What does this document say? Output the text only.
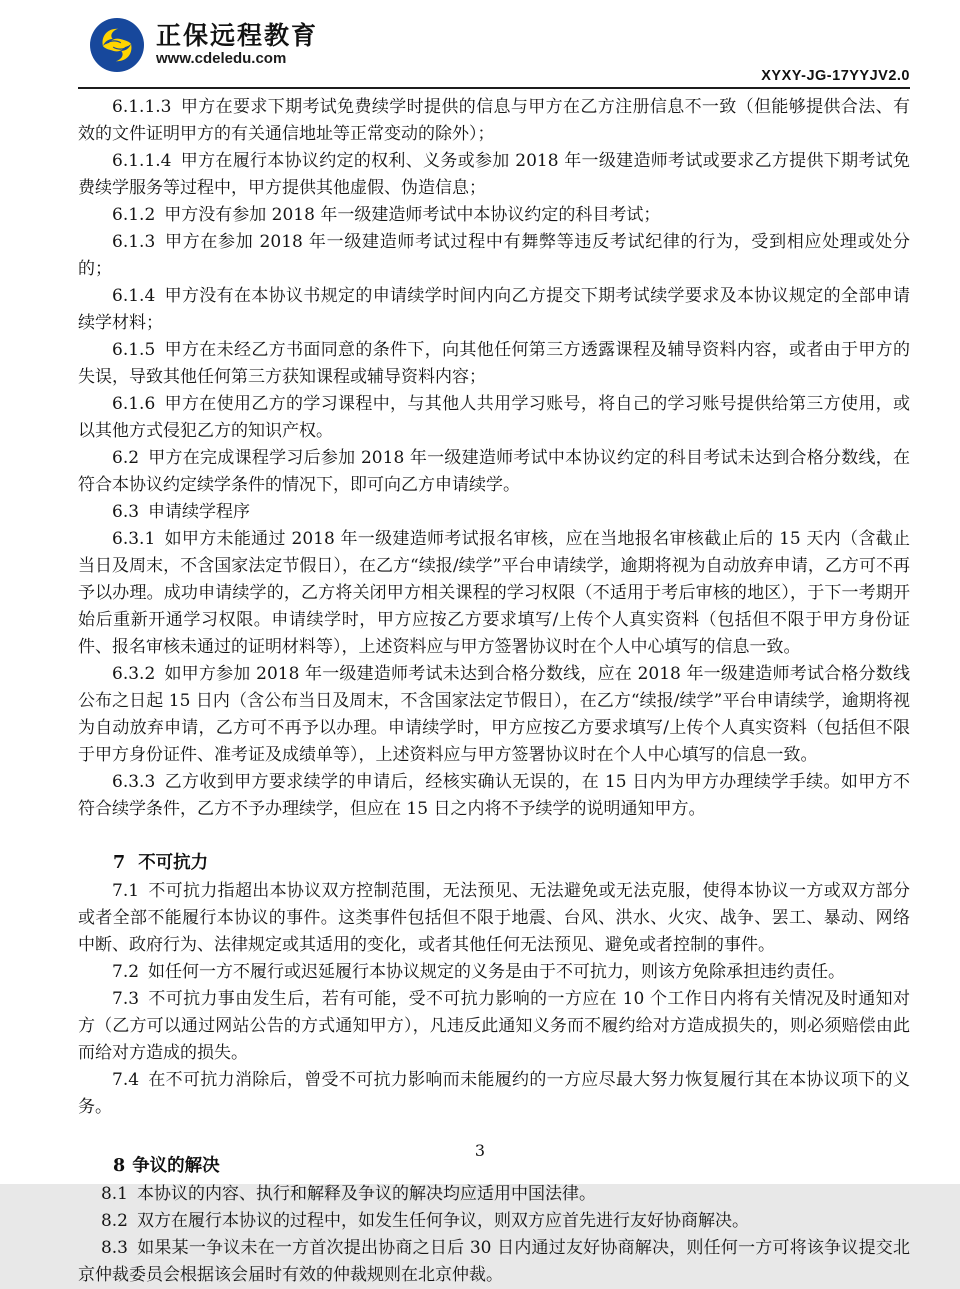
正保远程教育
www.cdeledu.com
XYXY-JG-17YYJV2.0

6.1.1.3 甲方在要求下期考试免费续学时提供的信息与甲方在乙方注册信息不一致（但能够提供合法、有效的文件证明甲方的有关通信地址等正常变动的除外）；

6.1.1.4 甲方在履行本协议约定的权利、义务或参加 2018 年一级建造师考试或要求乙方提供下期考试免费续学服务等过程中，甲方提供其他虚假、伪造信息；

6.1.2 甲方没有参加 2018 年一级建造师考试中本协议约定的科目考试；

6.1.3 甲方在参加 2018 年一级建造师考试过程中有舞弊等违反考试纪律的行为，受到相应处理或处分的；

6.1.4 甲方没有在本协议书规定的申请续学时间内向乙方提交下期考试续学要求及本协议规定的全部申请续学材料；

6.1.5 甲方在未经乙方书面同意的条件下，向其他任何第三方透露课程及辅导资料内容，或者由于甲方的失误，导致其他任何第三方获知课程或辅导资料内容；

6.1.6 甲方在使用乙方的学习课程中，与其他人共用学习账号，将自己的学习账号提供给第三方使用，或以其他方式侵犯乙方的知识产权。

6.2 甲方在完成课程学习后参加 2018 年一级建造师考试中本协议约定的科目考试未达到合格分数线，在符合本协议约定续学条件的情况下，即可向乙方申请续学。

6.3 申请续学程序

6.3.1 如甲方未能通过 2018 年一级建造师考试报名审核，应在当地报名审核截止后的 15 天内（含截止当日及周末，不含国家法定节假日），在乙方“续报/续学”平台申请续学，逾期将视为自动放弃申请，乙方可不再予以办理。成功申请续学的，乙方将关闭甲方相关课程的学习权限（不适用于考后审核的地区），于下一考期开始后重新开通学习权限。申请续学时，甲方应按乙方要求填写/上传个人真实资料（包括但不限于甲方身份证件、报名审核未通过的证明材料等），上述资料应与甲方签署协议时在个人中心填写的信息一致。

6.3.2 如甲方参加 2018 年一级建造师考试未达到合格分数线，应在 2018 年一级建造师考试合格分数线公布之日起 15 日内（含公布当日及周末，不含国家法定节假日），在乙方“续报/续学”平台申请续学，逾期将视为自动放弃申请，乙方可不再予以办理。申请续学时，甲方应按乙方要求填写/上传个人真实资料（包括但不限于甲方身份证件、准考证及成绩单等），上述资料应与甲方签署协议时在个人中心填写的信息一致。

6.3.3 乙方收到甲方要求续学的申请后，经核实确认无误的，在 15 日内为甲方办理续学手续。如甲方不符合续学条件，乙方不予办理续学，但应在 15 日之内将不予续学的说明通知甲方。

7 不可抗力

7.1 不可抗力指超出本协议双方控制范围，无法预见、无法避免或无法克服，使得本协议一方或双方部分或者全部不能履行本协议的事件。这类事件包括但不限于地震、台风、洪水、火灾、战争、罢工、暴动、网络中断、政府行为、法律规定或其适用的变化，或者其他任何无法预见、避免或者控制的事件。

7.2 如任何一方不履行或迟延履行本协议规定的义务是由于不可抗力，则该方免除承担违约责任。

7.3 不可抗力事由发生后，若有可能，受不可抗力影响的一方应在 10 个工作日内将有关情况及时通知对方（乙方可以通过网站公告的方式通知甲方），凡违反此通知义务而不履约给对方造成损失的，则必须赔偿由此而给对方造成的损失。

7.4 在不可抗力消除后，曾受不可抗力影响而未能履约的一方应尽最大努力恢复履行其在本协议项下的义务。

8 争议的解决

8.1 本协议的内容、执行和解释及争议的解决均应适用中国法律。

8.2 双方在履行本协议的过程中，如发生任何争议，则双方应首先进行友好协商解决。

8.3 如果某一争议未在一方首次提出协商之日后 30 日内通过友好协商解决，则任何一方可将该争议提交北京仲裁委员会根据该会届时有效的仲裁规则在北京仲裁。

3
